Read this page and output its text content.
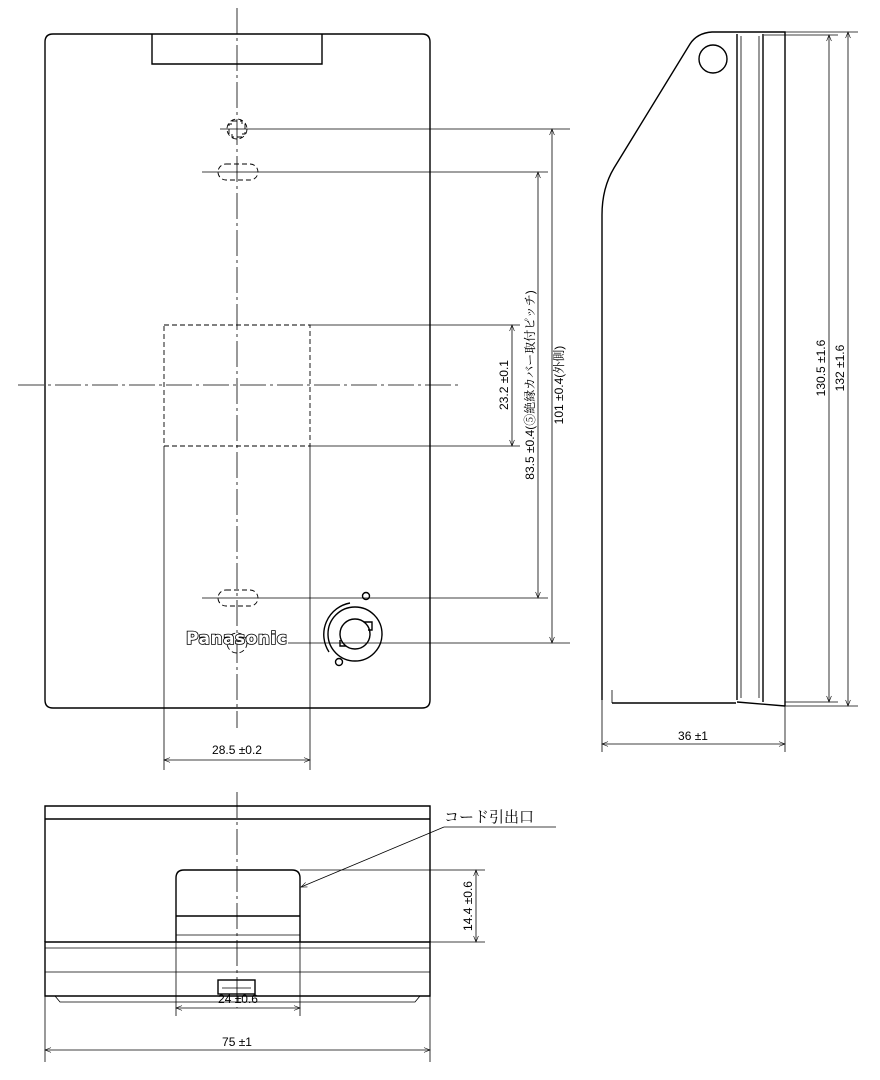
Panasonic
28.5 ±0.2
23.2 ±0.1 83.5 ±0.4(⑤絶縁カバー取付ピッチ) 101 ±0.4(外側)	130.5 ±1.6 132 ±1.6
36 ±1
コード引出口
14.4 ±0.6
24 ±0.6
75 ±1
